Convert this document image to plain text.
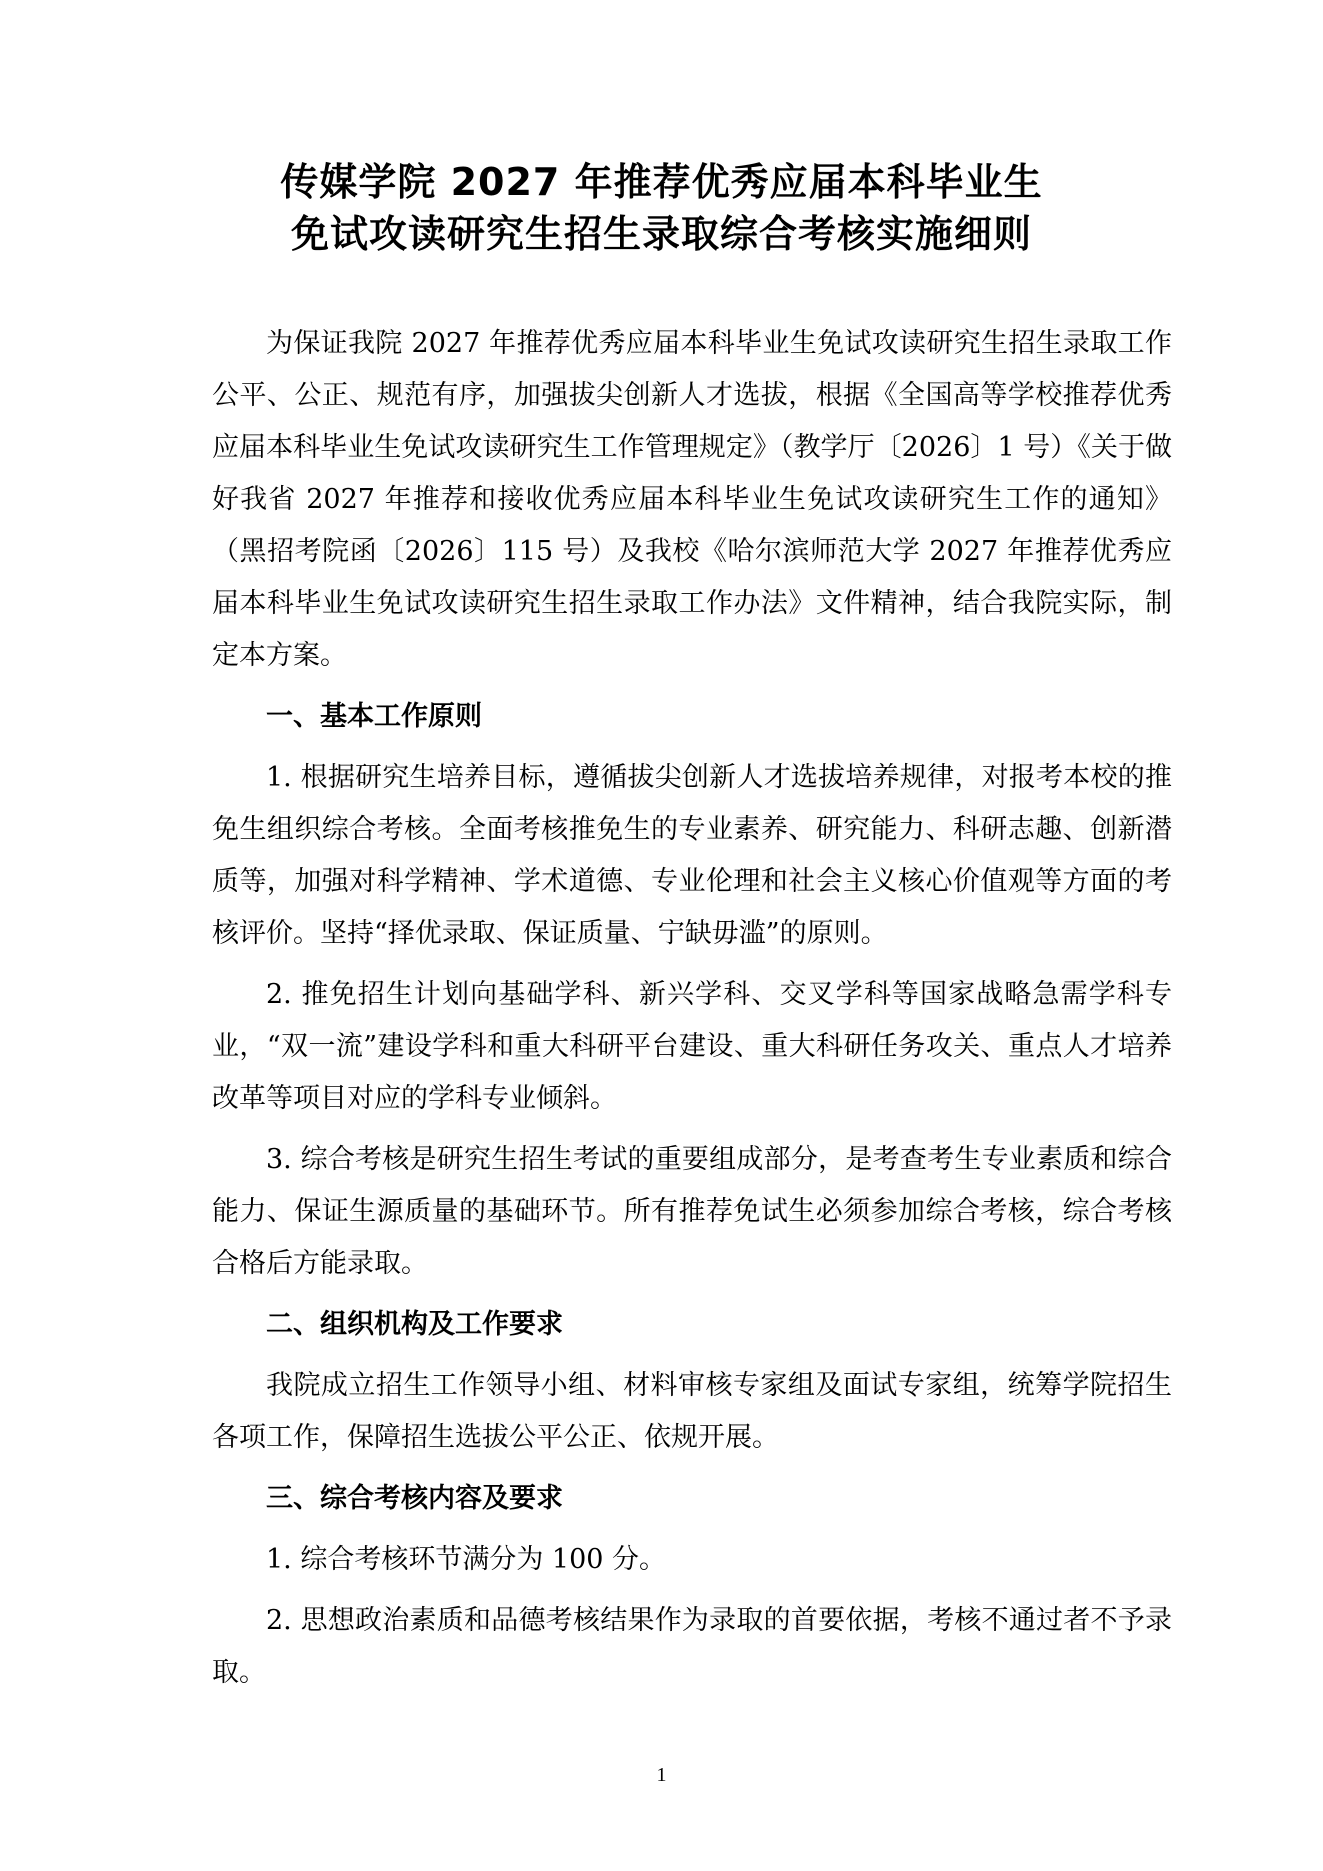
传媒学院 2027 年推荐优秀应届本科毕业生
免试攻读研究生招生录取综合考核实施细则

为保证我院 2027 年推荐优秀应届本科毕业生免试攻读研究生招生录取工作公平、公正、规范有序，加强拔尖创新人才选拔，根据《全国高等学校推荐优秀应届本科毕业生免试攻读研究生工作管理规定》（教学厅〔2026〕1 号）《关于做好我省 2027 年推荐和接收优秀应届本科毕业生免试攻读研究生工作的通知》（黑招考院函〔2026〕115 号）及我校《哈尔滨师范大学 2027 年推荐优秀应届本科毕业生免试攻读研究生招生录取工作办法》文件精神，结合我院实际，制定本方案。

一、基本工作原则

1. 根据研究生培养目标，遵循拔尖创新人才选拔培养规律，对报考本校的推免生组织综合考核。全面考核推免生的专业素养、研究能力、科研志趣、创新潜质等，加强对科学精神、学术道德、专业伦理和社会主义核心价值观等方面的考核评价。坚持“择优录取、保证质量、宁缺毋滥”的原则。

2. 推免招生计划向基础学科、新兴学科、交叉学科等国家战略急需学科专业，“双一流”建设学科和重大科研平台建设、重大科研任务攻关、重点人才培养改革等项目对应的学科专业倾斜。

3. 综合考核是研究生招生考试的重要组成部分，是考查考生专业素质和综合能力、保证生源质量的基础环节。所有推荐免试生必须参加综合考核，综合考核合格后方能录取。

二、组织机构及工作要求

我院成立招生工作领导小组、材料审核专家组及面试专家组，统筹学院招生各项工作，保障招生选拔公平公正、依规开展。

三、综合考核内容及要求

1. 综合考核环节满分为 100 分。

2. 思想政治素质和品德考核结果作为录取的首要依据，考核不通过者不予录取。

1
